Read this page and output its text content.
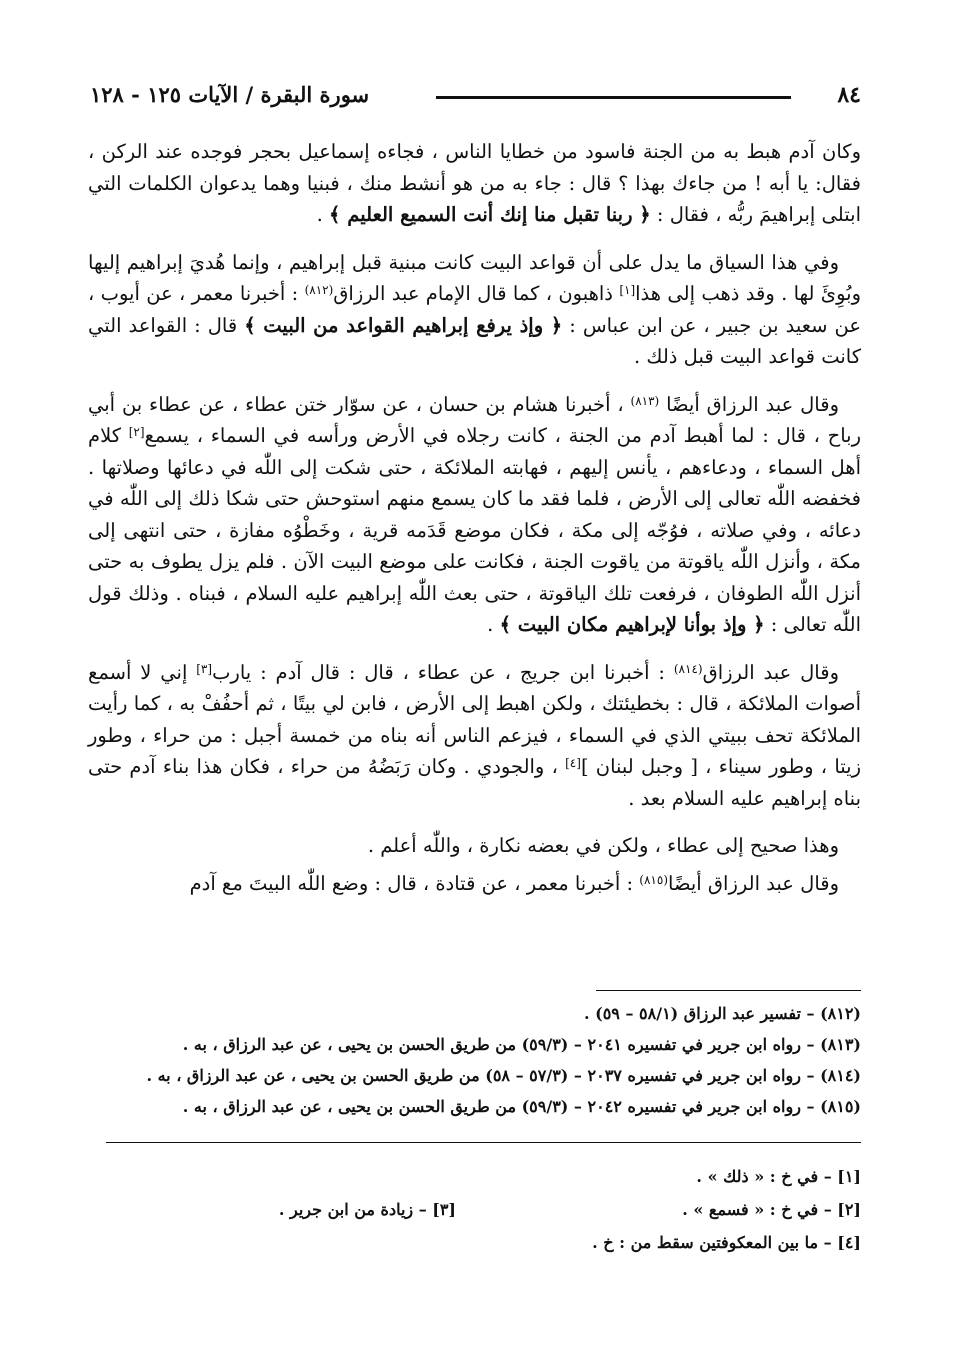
٨٤
سورة البقرة / الآيات ١٢٥ - ١٢٨

وكان آدم هبط به من الجنة فاسود من خطايا الناس ، فجاءه إسماعيل بحجر فوجده عند الركن ، فقال: يا أبه ! من جاءك بهذا ؟ قال : جاء به من هو أنشط منك ، فبنيا وهما يدعوان الكلمات التي ابتلى إبراهيمَ ربُّه ، فقال : ﴿ ربنا تقبل منا إنك أنت السميع العليم ﴾ .

وفي هذا السياق ما يدل على أن قواعد البيت كانت مبنية قبل إبراهيم ، وإنما هُديَ إبراهيم إليها وبُوِئَ لها . وقد ذهب إلى هذا[١] ذاهبون ، كما قال الإمام عبد الرزاق$^{(٨١٢)}$ : أخبرنا معمر ، عن أيوب ، عن سعيد بن جبير ، عن ابن عباس : ﴿ وإذ يرفع إبراهيم القواعد من البيت ﴾ قال : القواعد التي كانت قواعد البيت قبل ذلك .

وقال عبد الرزاق أيضًا $^{(٨١٣)}$ ، أخبرنا هشام بن حسان ، عن سوّار ختن عطاء ، عن عطاء بن أبي رباح ، قال : لما أهبط آدم من الجنة ، كانت رجلاه في الأرض ورأسه في السماء ، يسمع[٢] كلام أهل السماء ، ودعاءهم ، يأنس إليهم ، فهابته الملائكة ، حتى شكت إلى اللّٰه في دعائها وصلاتها . فخفضه اللّٰه تعالى إلى الأرض ، فلما فقد ما كان يسمع منهم استوحش حتى شكا ذلك إلى اللّٰه في دعائه ، وفي صلاته ، فوُجّه إلى مكة ، فكان موضع قَدَمه قرية ، وخَطْوُه مفازة ، حتى انتهى إلى مكة ، وأنزل اللّٰه ياقوتة من ياقوت الجنة ، فكانت على موضع البيت الآن . فلم يزل يطوف به حتى أنزل اللّٰه الطوفان ، فرفعت تلك الياقوتة ، حتى بعث اللّٰه إبراهيم عليه السلام ، فبناه . وذلك قول اللّٰه تعالى : ﴿ وإذ بوأنا لإبراهيم مكان البيت ﴾ .

وقال عبد الرزاق$^{(٨١٤)}$ : أخبرنا ابن جريج ، عن عطاء ، قال : قال آدم : يارب[٣] إني لا أسمع أصوات الملائكة ، قال : بخطيئتك ، ولكن اهبط إلى الأرض ، فابن لي بيتًا ، ثم أحفُفْ به ، كما رأيت الملائكة تحف ببيتي الذي في السماء ، فيزعم الناس أنه بناه من خمسة أجبل : من حراء ، وطور زيتا ، وطور سيناء ، [ وجبل لبنان ][٤] ، والجودي . وكان رَبَضُهُ من حراء ، فكان هذا بناء آدم حتى بناه إبراهيم عليه السلام بعد .

وهذا صحيح إلى عطاء ، ولكن في بعضه نكارة ، واللّٰه أعلم .

وقال عبد الرزاق أيضًا$^{(٨١٥)}$ : أخبرنا معمر ، عن قتادة ، قال : وضع اللّٰه البيتَ مع آدم

(٨١٢) – تفسير عبد الرزاق (٥٨/١ – ٥٩) .
(٨١٣) – رواه ابن جرير في تفسيره ٢٠٤١ – (٥٩/٣) من طريق الحسن بن يحيى ، عن عبد الرزاق ، به .
(٨١٤) – رواه ابن جرير في تفسيره ٢٠٣٧ – (٥٧/٣ – ٥٨) من طريق الحسن بن يحيى ، عن عبد الرزاق ، به .
(٨١٥) – رواه ابن جرير في تفسيره ٢٠٤٢ – (٥٩/٣) من طريق الحسن بن يحيى ، عن عبد الرزاق ، به .
[١] – في خ : « ذلك » .
[٢] – في خ : « فسمع » .
[٣] – زيادة من ابن جرير .
[٤] – ما بين المعكوفتين سقط من : خ .
